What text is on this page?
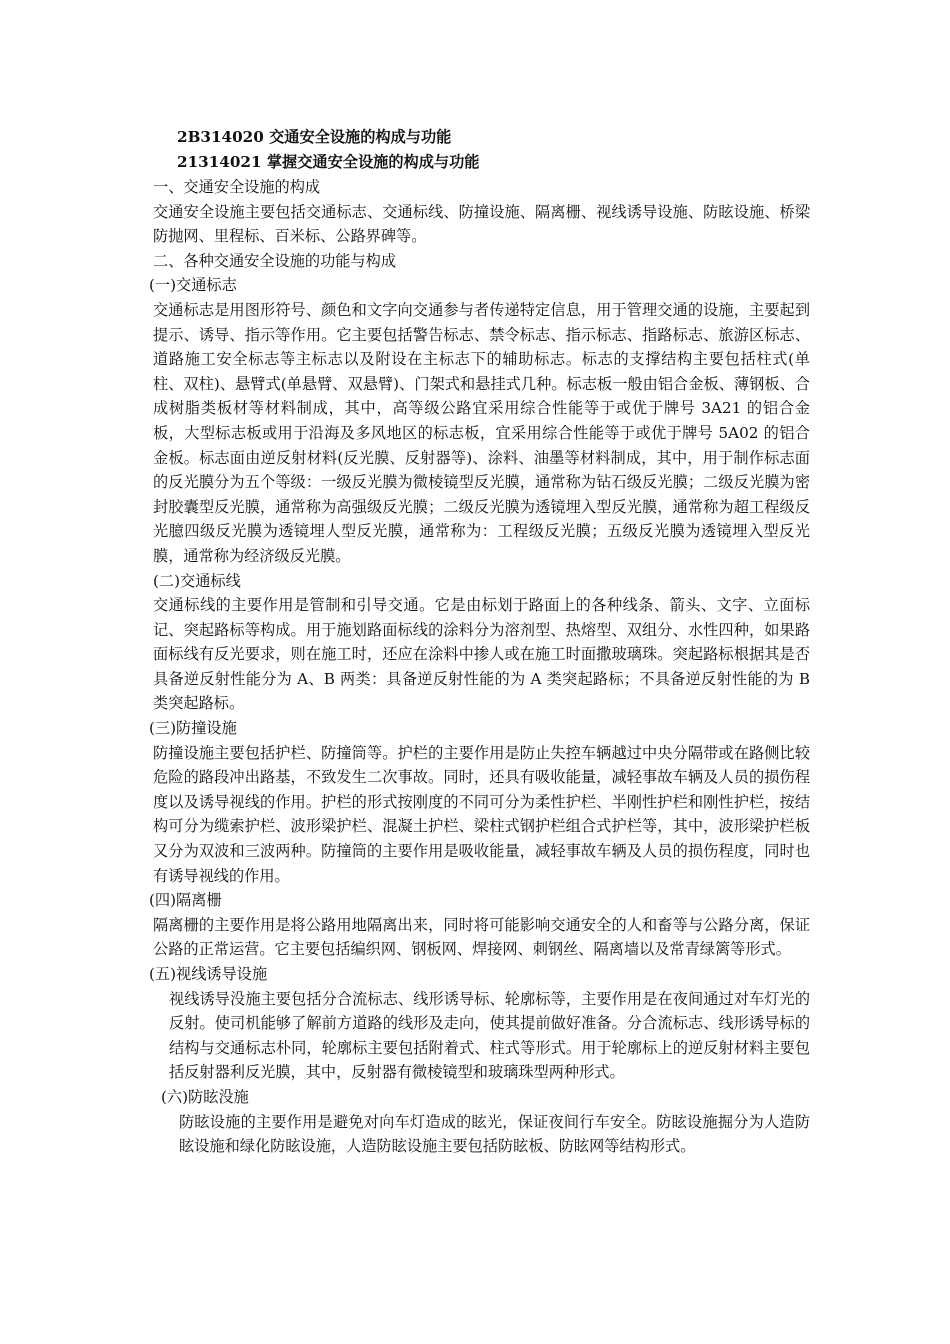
2B314020 交通安全设施的构成与功能

21314021 掌握交通安全设施的构成与功能

一、交通安全设施的构成

交通安全设施主要包括交通标志、交通标线、防撞设施、隔离栅、视线诱导设施、防眩设施、桥梁防抛网、里程标、百米标、公路界碑等。

二、各种交通安全设施的功能与构成

(一)交通标志

交通标志是用图形符号、颜色和文字向交通参与者传递特定信息，用于管理交通的设施，主要起到提示、诱导、指示等作用。它主要包括警告标志、禁令标志、指示标志、指路标志、旅游区标志、道路施工安全标志等主标志以及附设在主标志下的辅助标志。标志的支撑结构主要包括柱式(单柱、双柱)、悬臂式(单悬臂、双悬臂)、门架式和悬挂式几种。标志板一般由铝合金板、薄钢板、合成树脂类板材等材料制成，其中，高等级公路宜采用综合性能等于或优于牌号 3A21 的铝合金板，大型标志板或用于沿海及多风地区的标志板，宜采用综合性能等于或优于牌号 5A02 的铝合金板。标志面由逆反射材料(反光膜、反射器等)、涂料、油墨等材料制成，其中，用于制作标志面的反光膜分为五个等级：一级反光膜为微棱镜型反光膜，通常称为钻石级反光膜；二级反光膜为密封胶囊型反光膜，通常称为高强级反光膜；二级反光膜为透镜埋入型反光膜，通常称为超工程级反光臆四级反光膜为透镜埋人型反光膜，通常称为：工程级反光膜；五级反光膜为透镜埋入型反光膜，通常称为经济级反光膜。

(二)交通标线

交通标线的主要作用是管制和引导交通。它是由标划于路面上的各种线条、箭头、文字、立面标记、突起路标等构成。用于施划路面标线的涂料分为溶剂型、热熔型、双组分、水性四种，如果路面标线有反光要求，则在施工时，还应在涂料中掺人或在施工时面撒玻璃珠。突起路标根据其是否具备逆反射性能分为 A、B 两类：具备逆反射性能的为 A 类突起路标；不具备逆反射性能的为 B 类突起路标。

(三)防撞设施

防撞设施主要包括护栏、防撞筒等。护栏的主要作用是防止失控车辆越过中央分隔带或在路侧比较危险的路段冲出路基，不致发生二次事故。同时，还具有吸收能量，减轻事故车辆及人员的损伤程度以及诱导视线的作用。护栏的形式按刚度的不同可分为柔性护栏、半刚性护栏和刚性护栏，按结构可分为缆索护栏、波形梁护栏、混凝土护栏、梁柱式钢护栏组合式护栏等，其中，波形梁护栏板又分为双波和三波两种。防撞筒的主要作用是吸收能量，减轻事故车辆及人员的损伤程度，同时也有诱导视线的作用。

(四)隔离栅

隔离栅的主要作用是将公路用地隔离出来，同时将可能影响交通安全的人和畜等与公路分离，保证公路的正常运营。它主要包括编织网、钢板网、焊接网、刺钢丝、隔离墙以及常青绿篱等形式。

(五)视线诱导设施

视线诱导没施主要包括分合流标志、线形诱导标、轮廓标等，主要作用是在夜间通过对车灯光的反射。使司机能够了解前方道路的线形及走向，使其提前做好准备。分合流标志、线形诱导标的结构与交通标志朴同，轮廓标主要包括附着式、柱式等形式。用于轮廓标上的逆反射材料主要包括反射器利反光膜，其中，反射器有微棱镜型和玻璃珠型两种形式。

(六)防眩没施

防眩设施的主要作用是避免对向车灯造成的眩光，保证夜间行车安全。防眩设施掘分为人造防眩设施和绿化防眩设施，人造防眩设施主要包括防眩板、防眩网等结构形式。
